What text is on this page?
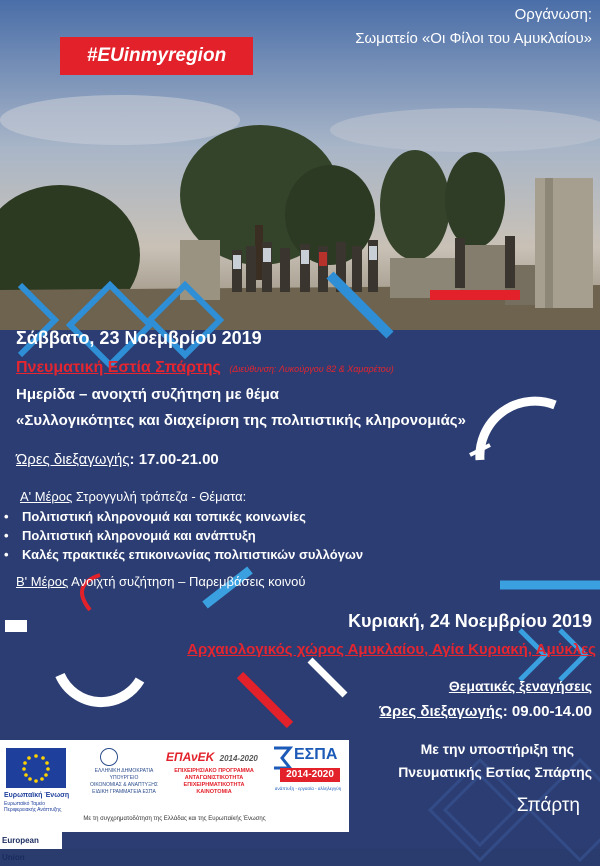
#EUinmyregion
Οργάνωση:
Σωματείο «Οι Φίλοι του Αμυκλαίου»
Σάββατο, 23 Νοεμβρίου 2019
Πνευματική Εστία Σπάρτης (Διεύθυνση: Λυκούργου 82 & Χαμαρέτου)
Ημερίδα – ανοιχτή συζήτηση με θέμα
«Συλλογικότητες και διαχείριση της πολιτιστικής κληρονομιάς»
Ώρες διεξαγωγής: 17.00-21.00
Α' Μέρος Στρογγυλή τράπεζα - Θέματα:
• Πολιτιστική κληρονομιά και τοπικές κοινωνίες
• Πολιτιστική κληρονομιά και ανάπτυξη
• Καλές πρακτικές επικοινωνίας πολιτιστικών συλλόγων
Β' Μέρος Ανοιχτή συζήτηση – Παρεμβάσεις κοινού
Κυριακή, 24 Νοεμβρίου 2019
Αρχαιολογικός χώρος Αμυκλαίου, Αγία Κυριακή, Αμύκλες
Θεματικές ξεναγήσεις
Ώρες διεξαγωγής: 09.00-14.00
Με την υποστήριξη της
Πνευματικής Εστίας Σπάρτης
Σπάρτη
Ευρωπαϊκή Ένωση
Ευρωπαϊκό Ταμείο Περιφερειακής Ανάπτυξης
ΕΛΛΗΝΙΚΗ ΔΗΜΟΚΡΑΤΙΑ
ΥΠΟΥΡΓΕΙΟ
ΟΙΚΟΝΟΜΙΑΣ & ΑΝΑΠΤΥΞΗΣ
ΕΙΔΙΚΗ ΓΡΑΜΜΑΤΕΙΑ ΕΣΠΑ
ΕΠΑνΕΚ 2014-2020
ΕΠΙΧΕΙΡΗΣΙΑΚΟ ΠΡΟΓΡΑΜΜΑ
ΑΝΤΑΓΩΝΙΣΤΙΚΟΤΗΤΑ
ΕΠΙΧΕΙΡΗΜΑΤΙΚΟΤΗΤΑ
ΚΑΙΝΟΤΟΜΙΑ
ΕΣΠΑ
2014-2020
ανάπτυξη - εργασία - αλληλεγγύη
Με τη συγχρηματοδότηση της Ελλάδας και της Ευρωπαϊκής Ένωσης
European Union
